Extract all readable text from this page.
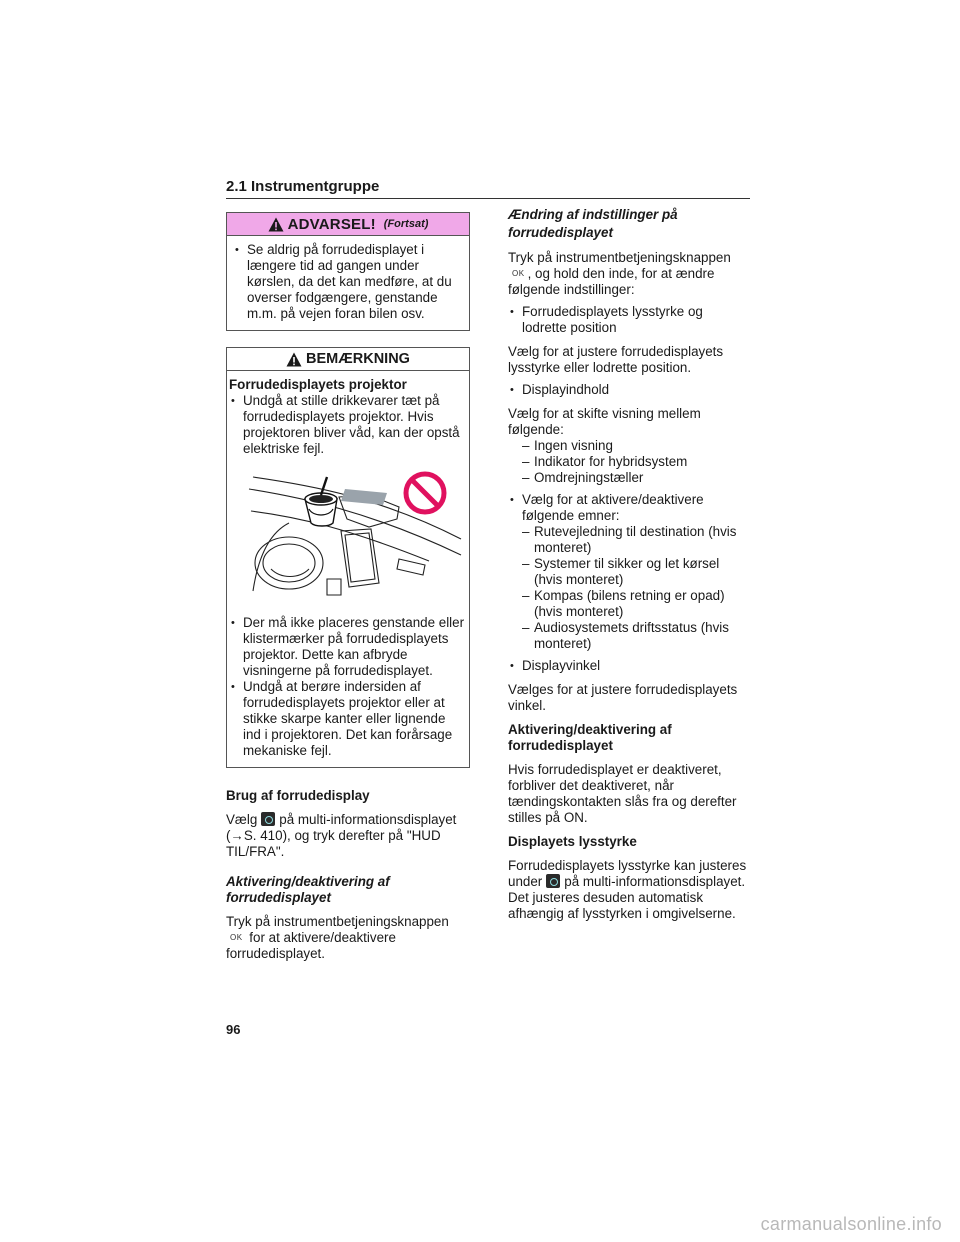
2.1 Instrumentgruppe
ADVARSEL! (Fortsat)
• Se aldrig på forrudedisplayet i længere tid ad gangen under kørslen, da det kan medføre, at du overser fodgængere, genstande m.m. på vejen foran bilen osv.
BEMÆRKNING

Forrudedisplayets projektor

• Undgå at stille drikkevarer tæt på forrudedisplayets projektor. Hvis projektoren bliver våd, kan der opstå elektriske fejl.
• Der må ikke placeres genstande eller klistermærker på forrudedisplayets projektor. Dette kan afbryde visningerne på forrudedisplayet.
• Undgå at berøre indersiden af forrudedisplayets projektor eller at stikke skarpe kanter eller lignende ind i projektoren. Det kan forårsage mekaniske fejl.

Brug af forrudedisplay

Vælg på multi-informationsdisplayet (→S. 410), og tryk derefter på "HUD TIL/FRA".

Aktivering/deaktivering af forrudedisplayet

Tryk på instrumentbetjeningsknappen
OK for at aktivere/deaktivere forrudedisplayet.

Ændring af indstillinger på forrudedisplayet

Tryk på instrumentbetjeningsknappen
OK , og hold den inde, for at ændre følgende indstillinger:

• Forrudedisplayets lysstyrke og lodrette position

Vælg for at justere forrudedisplayets lysstyrke eller lodrette position.

• Displayindhold

Vælg for at skifte visning mellem følgende:

– Ingen visning
– Indikator for hybridsystem
– Omdrejningstæller
• Vælg for at aktivere/deaktivere følgende emner:
– Rutevejledning til destination (hvis monteret)
– Systemer til sikker og let kørsel (hvis monteret)
– Kompas (bilens retning er opad) (hvis monteret)
– Audiosystemets driftsstatus (hvis monteret)
• Displayvinkel

Vælges for at justere forrudedisplayets vinkel.

Aktivering/deaktivering af forrudedisplayet

Hvis forrudedisplayet er deaktiveret, forbliver det deaktiveret, når tændingskontakten slås fra og derefter stilles på ON.

Displayets lysstyrke

Forrudedisplayets lysstyrke kan justeres under på multi-informationsdisplayet. Det justeres desuden automatisk afhængig af lysstyrken i omgivelserne.

96
carmanualsonline.info
